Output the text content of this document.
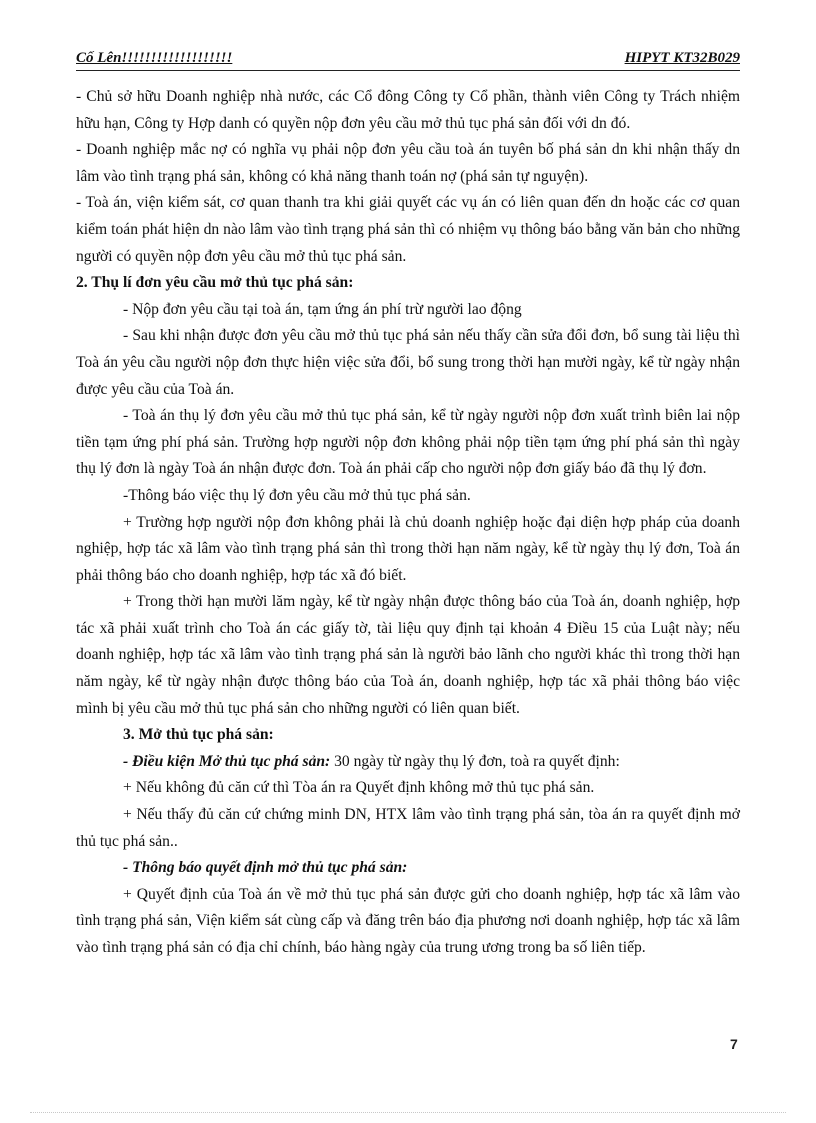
Cố Lên!!!!!!!!!!!!!!!!!!!	HIPYT KT32B029

- Chủ sở hữu Doanh nghiệp nhà nước, các Cổ đông Công ty Cổ phần, thành viên Công ty Trách nhiệm hữu hạn, Công ty Hợp danh có quyền nộp đơn yêu cầu mở thủ tục phá sản đối với dn đó.

- Doanh nghiệp mắc nợ có nghĩa vụ phải nộp đơn yêu cầu toà án tuyên bố phá sản dn khi nhận thấy dn lâm vào tình trạng phá sản, không có khả năng thanh toán nợ (phá sản tự nguyện).

- Toà án, viện kiểm sát, cơ quan thanh tra khi giải quyết các vụ án có liên quan đến dn hoặc các cơ quan kiểm toán phát hiện dn nào lâm vào tình trạng phá sản thì có nhiệm vụ thông báo bằng văn bản cho những người có quyền nộp đơn yêu cầu mở thủ tục phá sản.

2. Thụ lí đơn yêu cầu mở thủ tục phá sản:

- Nộp đơn yêu cầu tại toà án, tạm ứng án phí trừ người lao động

- Sau khi nhận được đơn yêu cầu mở thủ tục phá sản nếu thấy cần sửa đổi đơn, bổ sung tài liệu thì Toà án yêu cầu người nộp đơn thực hiện việc sửa đổi, bổ sung trong thời hạn mười ngày, kể từ ngày nhận được yêu cầu của Toà án.

- Toà án thụ lý đơn yêu cầu mở thủ tục phá sản, kể từ ngày người nộp đơn xuất trình biên lai nộp tiền tạm ứng phí phá sản. Trường hợp người nộp đơn không phải nộp tiền tạm ứng phí phá sản thì ngày thụ lý đơn là ngày Toà án nhận được đơn. Toà án phải cấp cho người nộp đơn giấy báo đã thụ lý đơn.

-Thông báo việc thụ lý đơn yêu cầu mở thủ tục phá sản.

+ Trường hợp người nộp đơn không phải là chủ doanh nghiệp hoặc đại diện hợp pháp của doanh nghiệp, hợp tác xã lâm vào tình trạng phá sản thì trong thời hạn năm ngày, kể từ ngày thụ lý đơn, Toà án phải thông báo cho doanh nghiệp, hợp tác xã đó biết.

+ Trong thời hạn mười lăm ngày, kể từ ngày nhận được thông báo của Toà án, doanh nghiệp, hợp tác xã phải xuất trình cho Toà án các giấy tờ, tài liệu quy định tại khoản 4 Điều 15 của Luật này; nếu doanh nghiệp, hợp tác xã lâm vào tình trạng phá sản là người bảo lãnh cho người khác thì trong thời hạn năm ngày, kể từ ngày nhận được thông báo của Toà án, doanh nghiệp, hợp tác xã phải thông báo việc mình bị yêu cầu mở thủ tục phá sản cho những người có liên quan biết.

3. Mở thủ tục phá sản:

- Điều kiện Mở thủ tục phá sản: 30 ngày từ ngày thụ lý đơn, toà ra quyết định:

+ Nếu không đủ căn cứ thì Tòa án ra Quyết định không mở thủ tục phá sản.

+ Nếu thấy đủ căn cứ chứng minh DN, HTX lâm vào tình trạng phá sản, tòa án ra quyết định mở thủ tục phá sản..

- Thông báo quyết định mở thủ tục phá sản:

+ Quyết định của Toà án về mở thủ tục phá sản được gửi cho doanh nghiệp, hợp tác xã lâm vào tình trạng phá sản, Viện kiểm sát cùng cấp và đăng trên báo địa phương nơi doanh nghiệp, hợp tác xã lâm vào tình trạng phá sản có địa chỉ chính, báo hàng ngày của trung ương trong ba số liên tiếp.

7
